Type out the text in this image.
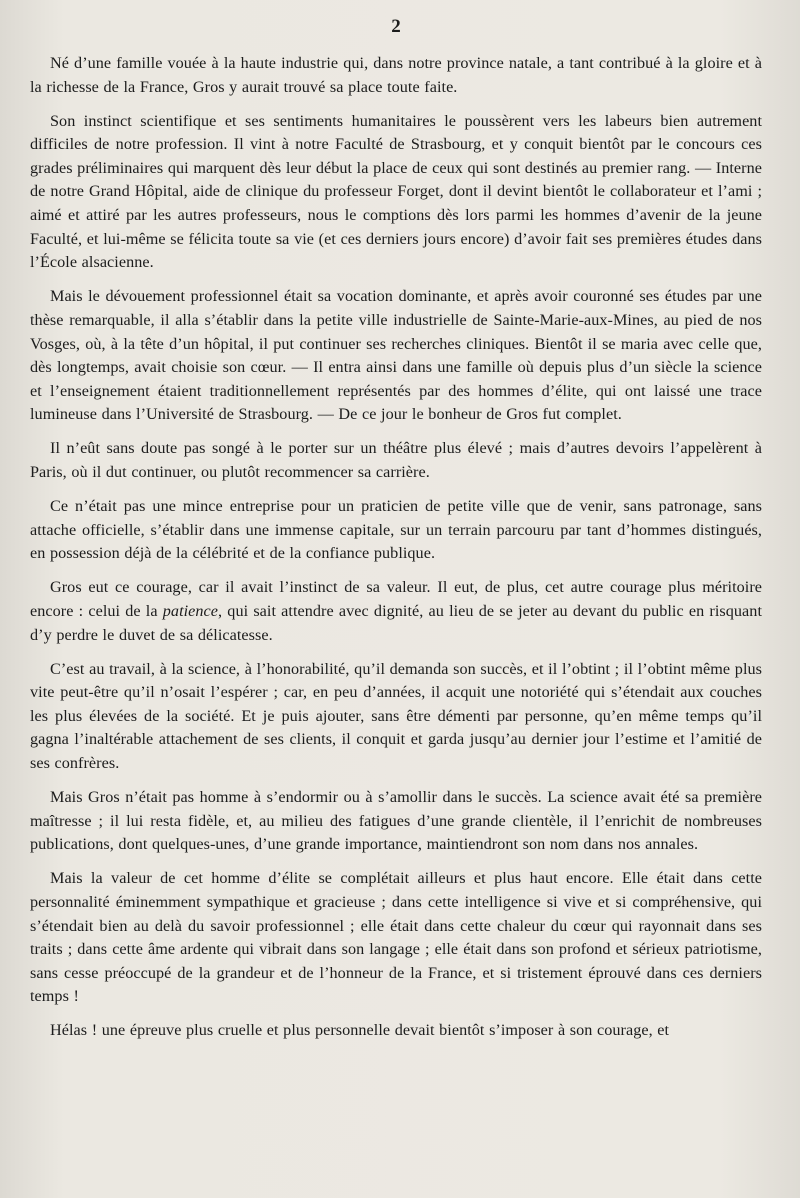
2

Né d’une famille vouée à la haute industrie qui, dans notre province natale, a tant contribué à la gloire et à la richesse de la France, Gros y aurait trouvé sa place toute faite.

Son instinct scientifique et ses sentiments humanitaires le poussèrent vers les labeurs bien autrement difficiles de notre profession. Il vint à notre Faculté de Strasbourg, et y conquit bientôt par le concours ces grades préliminaires qui marquent dès leur début la place de ceux qui sont destinés au premier rang. — Interne de notre Grand Hôpital, aide de clinique du professeur Forget, dont il devint bientôt le collaborateur et l’ami ; aimé et attiré par les autres professeurs, nous le comptions dès lors parmi les hommes d’avenir de la jeune Faculté, et lui-même se félicita toute sa vie (et ces derniers jours encore) d’avoir fait ses premières études dans l’École alsacienne.

Mais le dévouement professionnel était sa vocation dominante, et après avoir couronné ses études par une thèse remarquable, il alla s’établir dans la petite ville industrielle de Sainte-Marie-aux-Mines, au pied de nos Vosges, où, à la tête d’un hôpital, il put continuer ses recherches cliniques. Bientôt il se maria avec celle que, dès longtemps, avait choisie son cœur. — Il entra ainsi dans une famille où depuis plus d’un siècle la science et l’enseignement étaient traditionnellement représentés par des hommes d’élite, qui ont laissé une trace lumineuse dans l’Université de Strasbourg. — De ce jour le bonheur de Gros fut complet.

Il n’eût sans doute pas songé à le porter sur un théâtre plus élevé ; mais d’autres devoirs l’appelèrent à Paris, où il dut continuer, ou plutôt recommencer sa carrière.

Ce n’était pas une mince entreprise pour un praticien de petite ville que de venir, sans patronage, sans attache officielle, s’établir dans une immense capitale, sur un terrain parcouru par tant d’hommes distingués, en possession déjà de la célébrité et de la confiance publique.

Gros eut ce courage, car il avait l’instinct de sa valeur. Il eut, de plus, cet autre courage plus méritoire encore : celui de la patience, qui sait attendre avec dignité, au lieu de se jeter au devant du public en risquant d’y perdre le duvet de sa délicatesse.

C’est au travail, à la science, à l’honorabilité, qu’il demanda son succès, et il l’obtint ; il l’obtint même plus vite peut-être qu’il n’osait l’espérer ; car, en peu d’années, il acquit une notoriété qui s’étendait aux couches les plus élevées de la société. Et je puis ajouter, sans être démenti par personne, qu’en même temps qu’il gagna l’inaltérable attachement de ses clients, il conquit et garda jusqu’au dernier jour l’estime et l’amitié de ses confrères.

Mais Gros n’était pas homme à s’endormir ou à s’amollir dans le succès. La science avait été sa première maîtresse ; il lui resta fidèle, et, au milieu des fatigues d’une grande clientèle, il l’enrichit de nombreuses publications, dont quelques-unes, d’une grande importance, maintiendront son nom dans nos annales.

Mais la valeur de cet homme d’élite se complétait ailleurs et plus haut encore. Elle était dans cette personnalité éminemment sympathique et gracieuse ; dans cette intelligence si vive et si compréhensive, qui s’étendait bien au delà du savoir professionnel ; elle était dans cette chaleur du cœur qui rayonnait dans ses traits ; dans cette âme ardente qui vibrait dans son langage ; elle était dans son profond et sérieux patriotisme, sans cesse préoccupé de la grandeur et de l’honneur de la France, et si tristement éprouvé dans ces derniers temps !

Hélas ! une épreuve plus cruelle et plus personnelle devait bientôt s’imposer à son courage, et
